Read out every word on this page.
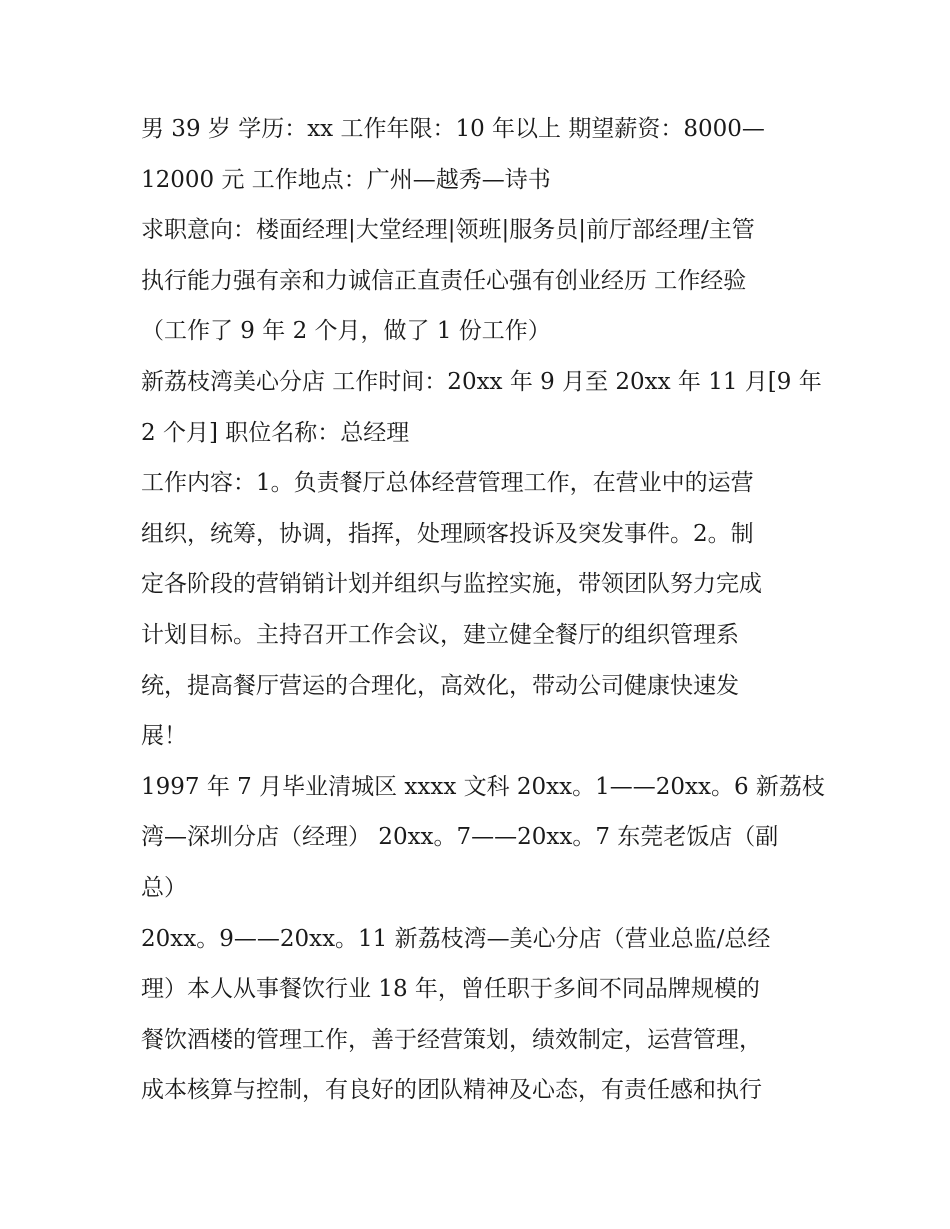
男 39 岁 学历：xx 工作年限：10 年以上 期望薪资：8000—
12000 元 工作地点：广州—越秀—诗书
求职意向：楼面经理|大堂经理|领班|服务员|前厅部经理/主管
执行能力强有亲和力诚信正直责任心强有创业经历 工作经验
（工作了 9 年 2 个月，做了 1 份工作）
新荔枝湾美心分店 工作时间：20xx 年 9 月至 20xx 年 11 月[9 年
2 个月] 职位名称：总经理
工作内容：1。负责餐厅总体经营管理工作，在营业中的运营
组织，统筹，协调，指挥，处理顾客投诉及突发事件。2。制
定各阶段的营销销计划并组织与监控实施，带领团队努力完成
计划目标。主持召开工作会议，建立健全餐厅的组织管理系
统，提高餐厅营运的合理化，高效化，带动公司健康快速发
展！
1997 年 7 月毕业清城区 xxxx 文科 20xx。1——20xx。6 新荔枝
湾—深圳分店（经理） 20xx。7——20xx。7 东莞老饭店（副
总）
20xx。9——20xx。11 新荔枝湾—美心分店（营业总监/总经
理）本人从事餐饮行业 18 年，曾任职于多间不同品牌规模的
餐饮酒楼的管理工作，善于经营策划，绩效制定，运营管理，
成本核算与控制，有良好的团队精神及心态，有责任感和执行
